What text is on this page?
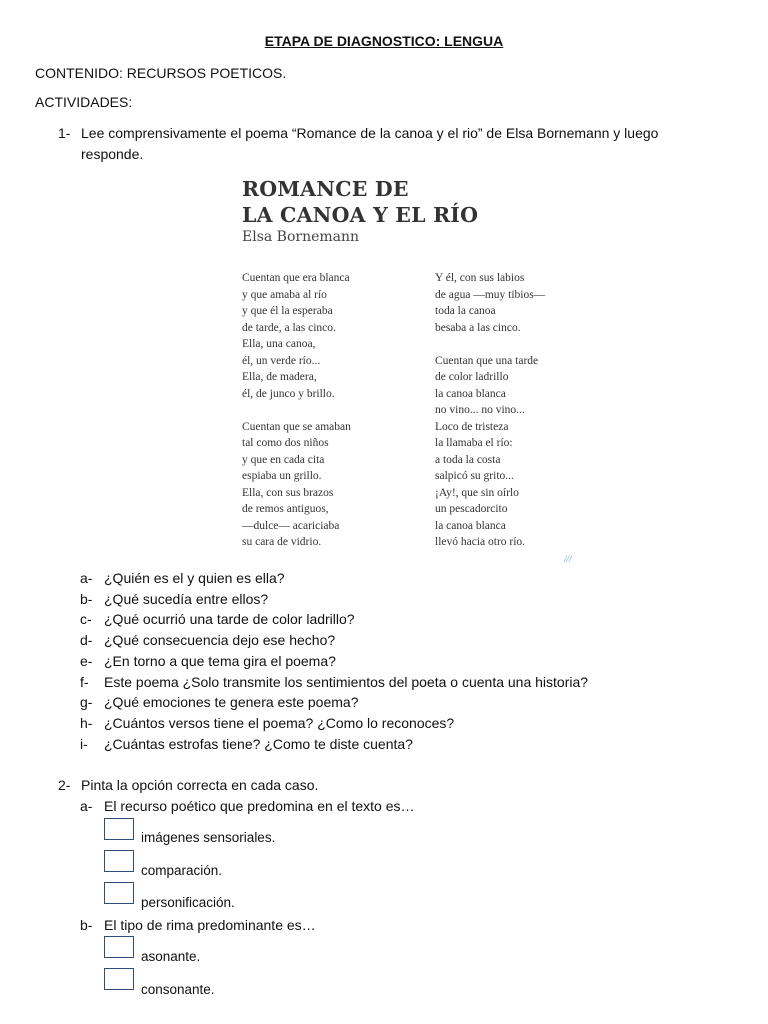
ETAPA DE DIAGNOSTICO: LENGUA
CONTENIDO: RECURSOS POETICOS.
ACTIVIDADES:
1- Lee comprensivamente el poema “Romance de la canoa y el rio” de Elsa Bornemann y luego
responde.
ROMANCE DE
LA CANOA Y EL RÍO
Elsa Bornemann
Cuentan que era blanca
y que amaba al río
y que él la esperaba
de tarde, a las cinco.
Ella, una canoa,
él, un verde río...
Ella, de madera,
él, de junco y brillo.
Cuentan que se amaban
tal como dos niños
y que en cada cita
espiaba un grillo.
Ella, con sus brazos
de remos antiguos,
—dulce— acariciaba
su cara de vidrio.
Y él, con sus labios
de agua —muy tibios—
toda la canoa
besaba a las cinco.
Cuentan que una tarde
de color ladrillo
la canoa blanca
no vino... no vino...
Loco de tristeza
la llamaba el río:
a toda la costa
salpicó su grito...
¡Ay!, que sin oírlo
un pescadorcito
la canoa blanca
llevó hacia otro río.
///
a- ¿Quién es el y quien es ella?
b- ¿Qué sucedía entre ellos?
c- ¿Qué ocurrió una tarde de color ladrillo?
d- ¿Qué consecuencia dejo ese hecho?
e- ¿En torno a que tema gira el poema?
f- Este poema ¿Solo transmite los sentimientos del poeta o cuenta una historia?
g- ¿Qué emociones te genera este poema?
h- ¿Cuántos versos tiene el poema? ¿Como lo reconoces?
i- ¿Cuántas estrofas tiene? ¿Como te diste cuenta?
2- Pinta la opción correcta en cada caso.
a- El recurso poético que predomina en el texto es…
imágenes sensoriales.
comparación.
personificación.
b- El tipo de rima predominante es…
asonante.
consonante.
